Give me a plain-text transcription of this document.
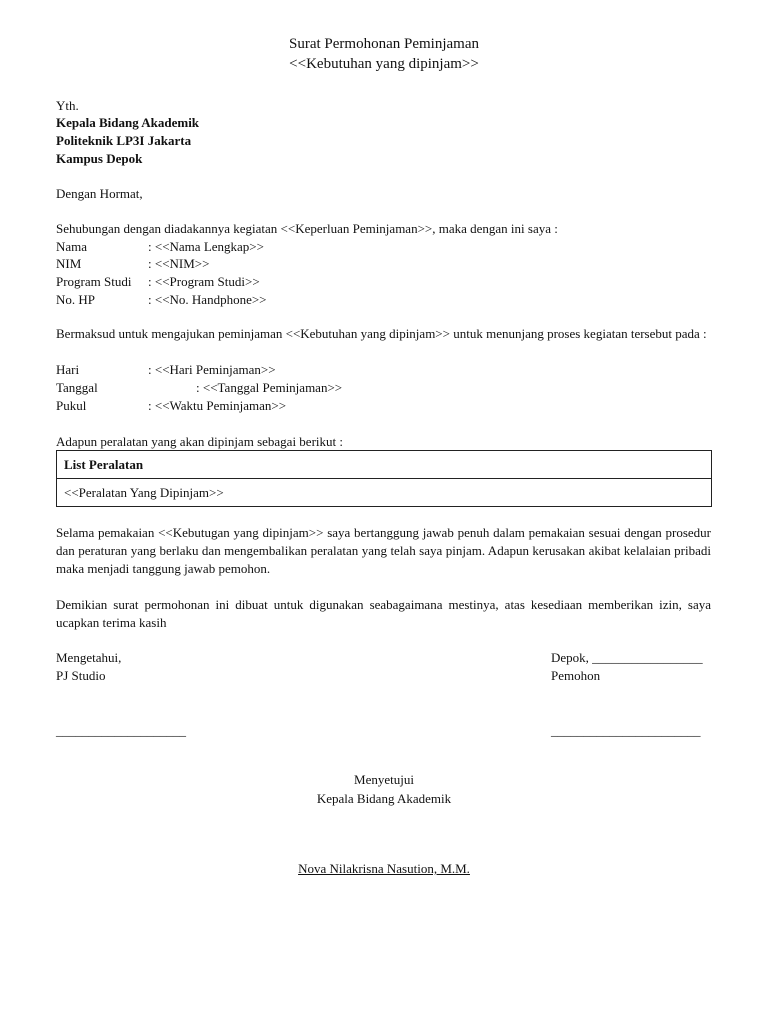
Surat Permohonan Peminjaman
<<Kebutuhan yang dipinjam>>
Yth.
Kepala Bidang Akademik
Politeknik LP3I Jakarta
Kampus Depok
Dengan Hormat,
Sehubungan dengan diadakannya kegiatan <<Keperluan Peminjaman>>, maka dengan ini saya :
Nama	: <<Nama Lengkap>>
NIM	: <<NIM>>
Program Studi : <<Program Studi>>
No. HP	: <<No. Handphone>>
Bermaksud untuk mengajukan peminjaman <<Kebutuhan yang dipinjam>> untuk menunjang proses kegiatan tersebut pada :
Hari	: <<Hari Peminjaman>>
Tanggal	: <<Tanggal Peminjaman>>
Pukul	: <<Waktu Peminjaman>>
Adapun peralatan yang akan dipinjam sebagai berikut :
List Peralatan
<<Peralatan Yang Dipinjam>>
Selama pemakaian <<Kebutugan yang dipinjam>> saya bertanggung jawab penuh dalam pemakaian sesuai dengan prosedur dan peraturan yang berlaku dan mengembalikan peralatan yang telah saya pinjam. Adapun kerusakan akibat kelalaian pribadi maka menjadi tanggung jawab pemohon.
Demikian surat permohonan ini dibuat untuk digunakan seabagaimana mestinya, atas kesediaan memberikan izin, saya ucapkan terima kasih
Mengetahui,
PJ Studio
____________________
Depok, _________________
Pemohon
_______________________
Menyetujui
Kepala Bidang Akademik
Nova Nilakrisna Nasution, M.M.
